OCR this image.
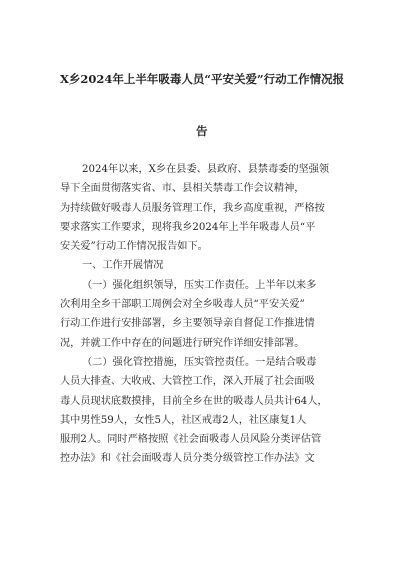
X乡2024年上半年吸毒人员“平安关爱”行动工作情况报
告
2024年以来，X乡在县委、县政府、县禁毒委的坚强领
导下全面贯彻落实省、市、县相关禁毒工作会议精神，
为持续做好吸毒人员服务管理工作，我乡高度重视，严格按
要求落实工作要求，现将我乡2024年上半年吸毒人员“平
安关爱”行动工作情况报告如下。
一、工作开展情况
（一）强化组织领导，压实工作责任。上半年以来多
次利用全乡干部职工周例会对全乡吸毒人员“平安关爱”
行动工作进行安排部署，乡主要领导亲自督促工作推进情
况，并就工作中存在的问题进行研究作详细安排部署。
（二）强化管控措施，压实管控责任。一是结合吸毒
人员大排查、大收戒、大管控工作，深入开展了社会面吸
毒人员现状底数摸排，目前全乡在世的吸毒人员共计64人，
其中男性59人，女性5人，社区戒毒2人，社区康复1人
服刑2人。同时严格按照《社会面吸毒人员风险分类评估管
控办法》和《社会面吸毒人员分类分级管控工作办法》文
